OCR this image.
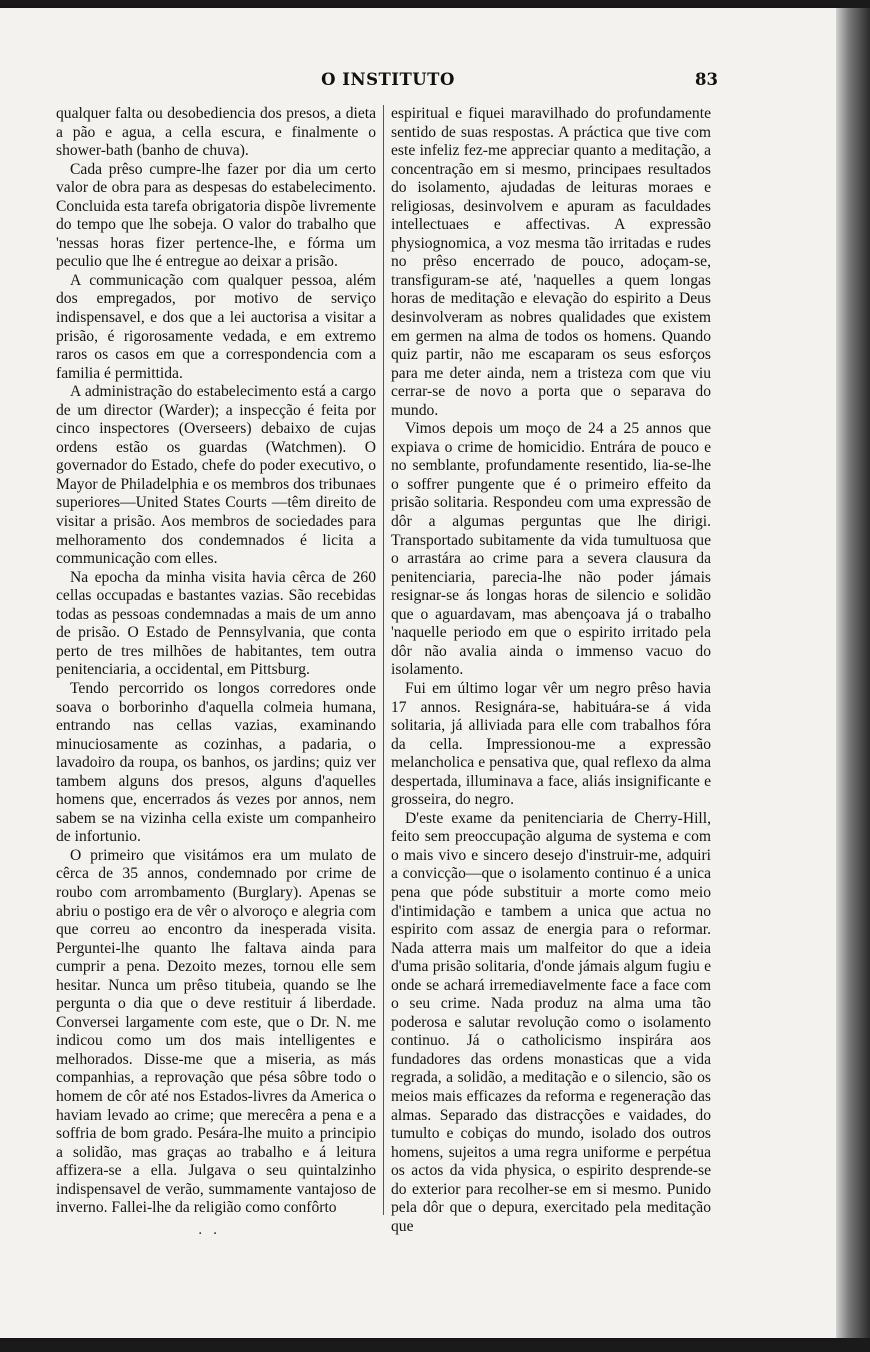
O INSTITUTO	83

qualquer falta ou desobediencia dos presos, a dieta a pão e agua, a cella escura, e finalmente o shower-bath (banho de chuva).

Cada prêso cumpre-lhe fazer por dia um certo valor de obra para as despesas do estabelecimento. Concluida esta tarefa obrigatoria dispõe livremente do tempo que lhe sobeja. O valor do trabalho que 'nessas horas fizer pertence-lhe, e fórma um peculio que lhe é entregue ao deixar a prisão.

A communicação com qualquer pessoa, além dos empregados, por motivo de serviço indispensavel, e dos que a lei auctorisa a visitar a prisão, é rigorosamente vedada, e em extremo raros os casos em que a correspondencia com a familia é permittida.

A administração do estabelecimento está a cargo de um director (Warder); a inspecção é feita por cinco inspectores (Overseers) debaixo de cujas ordens estão os guardas (Watchmen). O governador do Estado, chefe do poder executivo, o Mayor de Philadelphia e os membros dos tribunaes superiores—United States Courts —têm direito de visitar a prisão. Aos membros de sociedades para melhoramento dos condemnados é licita a communicação com elles.

Na epocha da minha visita havia cêrca de 260 cellas occupadas e bastantes vazias. São recebidas todas as pessoas condemnadas a mais de um anno de prisão. O Estado de Pennsylvania, que conta perto de tres milhões de habitantes, tem outra penitenciaria, a occidental, em Pittsburg.

Tendo percorrido os longos corredores onde soava o borborinho d'aquella colmeia humana, entrando nas cellas vazias, examinando minuciosamente as cozinhas, a padaria, o lavadoiro da roupa, os banhos, os jardins; quiz ver tambem alguns dos presos, alguns d'aquelles homens que, encerrados ás vezes por annos, nem sabem se na vizinha cella existe um companheiro de infortunio.

O primeiro que visitámos era um mulato de cêrca de 35 annos, condemnado por crime de roubo com arrombamento (Burglary). Apenas se abriu o postigo era de vêr o alvoroço e alegria com que correu ao encontro da inesperada visita. Perguntei-lhe quanto lhe faltava ainda para cumprir a pena. Dezoito mezes, tornou elle sem hesitar. Nunca um prêso titubeia, quando se lhe pergunta o dia que o deve restituir á liberdade. Conversei largamente com este, que o Dr. N. me indicou como um dos mais intelligentes e melhorados. Disse-me que a miseria, as más companhias, a reprovação que pésa sôbre todo o homem de côr até nos Estados-livres da America o haviam levado ao crime; que merecêra a pena e a soffria de bom grado. Pesára-lhe muito a principio a solidão, mas graças ao trabalho e á leitura affizera-se a ella. Julgava o seu quintalzinho indispensavel de verão, summamente vantajoso de inverno. Fallei-lhe da religião como confôrto

espiritual e fiquei maravilhado do profundamente sentido de suas respostas. A práctica que tive com este infeliz fez-me appreciar quanto a meditação, a concentração em si mesmo, principaes resultados do isolamento, ajudadas de leituras moraes e religiosas, desinvolvem e apuram as faculdades intellectuaes e affectivas. A expressão physiognomica, a voz mesma tão irritadas e rudes no prêso encerrado de pouco, adoçam-se, transfiguram-se até, 'naquelles a quem longas horas de meditação e elevação do espirito a Deus desinvolveram as nobres qualidades que existem em germen na alma de todos os homens. Quando quiz partir, não me escaparam os seus esforços para me deter ainda, nem a tristeza com que viu cerrar-se de novo a porta que o separava do mundo.

Vimos depois um moço de 24 a 25 annos que expiava o crime de homicidio. Entrára de pouco e no semblante, profundamente resentido, lia-se-lhe o soffrer pungente que é o primeiro effeito da prisão solitaria. Respondeu com uma expressão de dôr a algumas perguntas que lhe dirigi. Transportado subitamente da vida tumultuosa que o arrastára ao crime para a severa clausura da penitenciaria, parecia-lhe não poder jámais resignar-se ás longas horas de silencio e solidão que o aguardavam, mas abençoava já o trabalho 'naquelle periodo em que o espirito irritado pela dôr não avalia ainda o immenso vacuo do isolamento.

Fui em último logar vêr um negro prêso havia 17 annos. Resignára-se, habituára-se á vida solitaria, já alliviada para elle com trabalhos fóra da cella. Impressionou-me a expressão melancholica e pensativa que, qual reflexo da alma despertada, illuminava a face, aliás insignificante e grosseira, do negro.

D'este exame da penitenciaria de Cherry-Hill, feito sem preoccupação alguma de systema e com o mais vivo e sincero desejo d'instruir-me, adquiri a convicção—que o isolamento continuo é a unica pena que póde substituir a morte como meio d'intimidação e tambem a unica que actua no espirito com assaz de energia para o reformar. Nada atterra mais um malfeitor do que a ideia d'uma prisão solitaria, d'onde jámais algum fugiu e onde se achará irremediavelmente face a face com o seu crime. Nada produz na alma uma tão poderosa e salutar revolução como o isolamento continuo. Já o catholicismo inspirára aos fundadores das ordens monasticas que a vida regrada, a solidão, a meditação e o silencio, são os meios mais efficazes da reforma e regeneração das almas. Separado das distracções e vaidades, do tumulto e cobiças do mundo, isolado dos outros homens, sujeitos a uma regra uniforme e perpétua os actos da vida physica, o espirito desprende-se do exterior para recolher-se em si mesmo. Punido pela dôr que o depura, exercitado pela meditação que

. .
